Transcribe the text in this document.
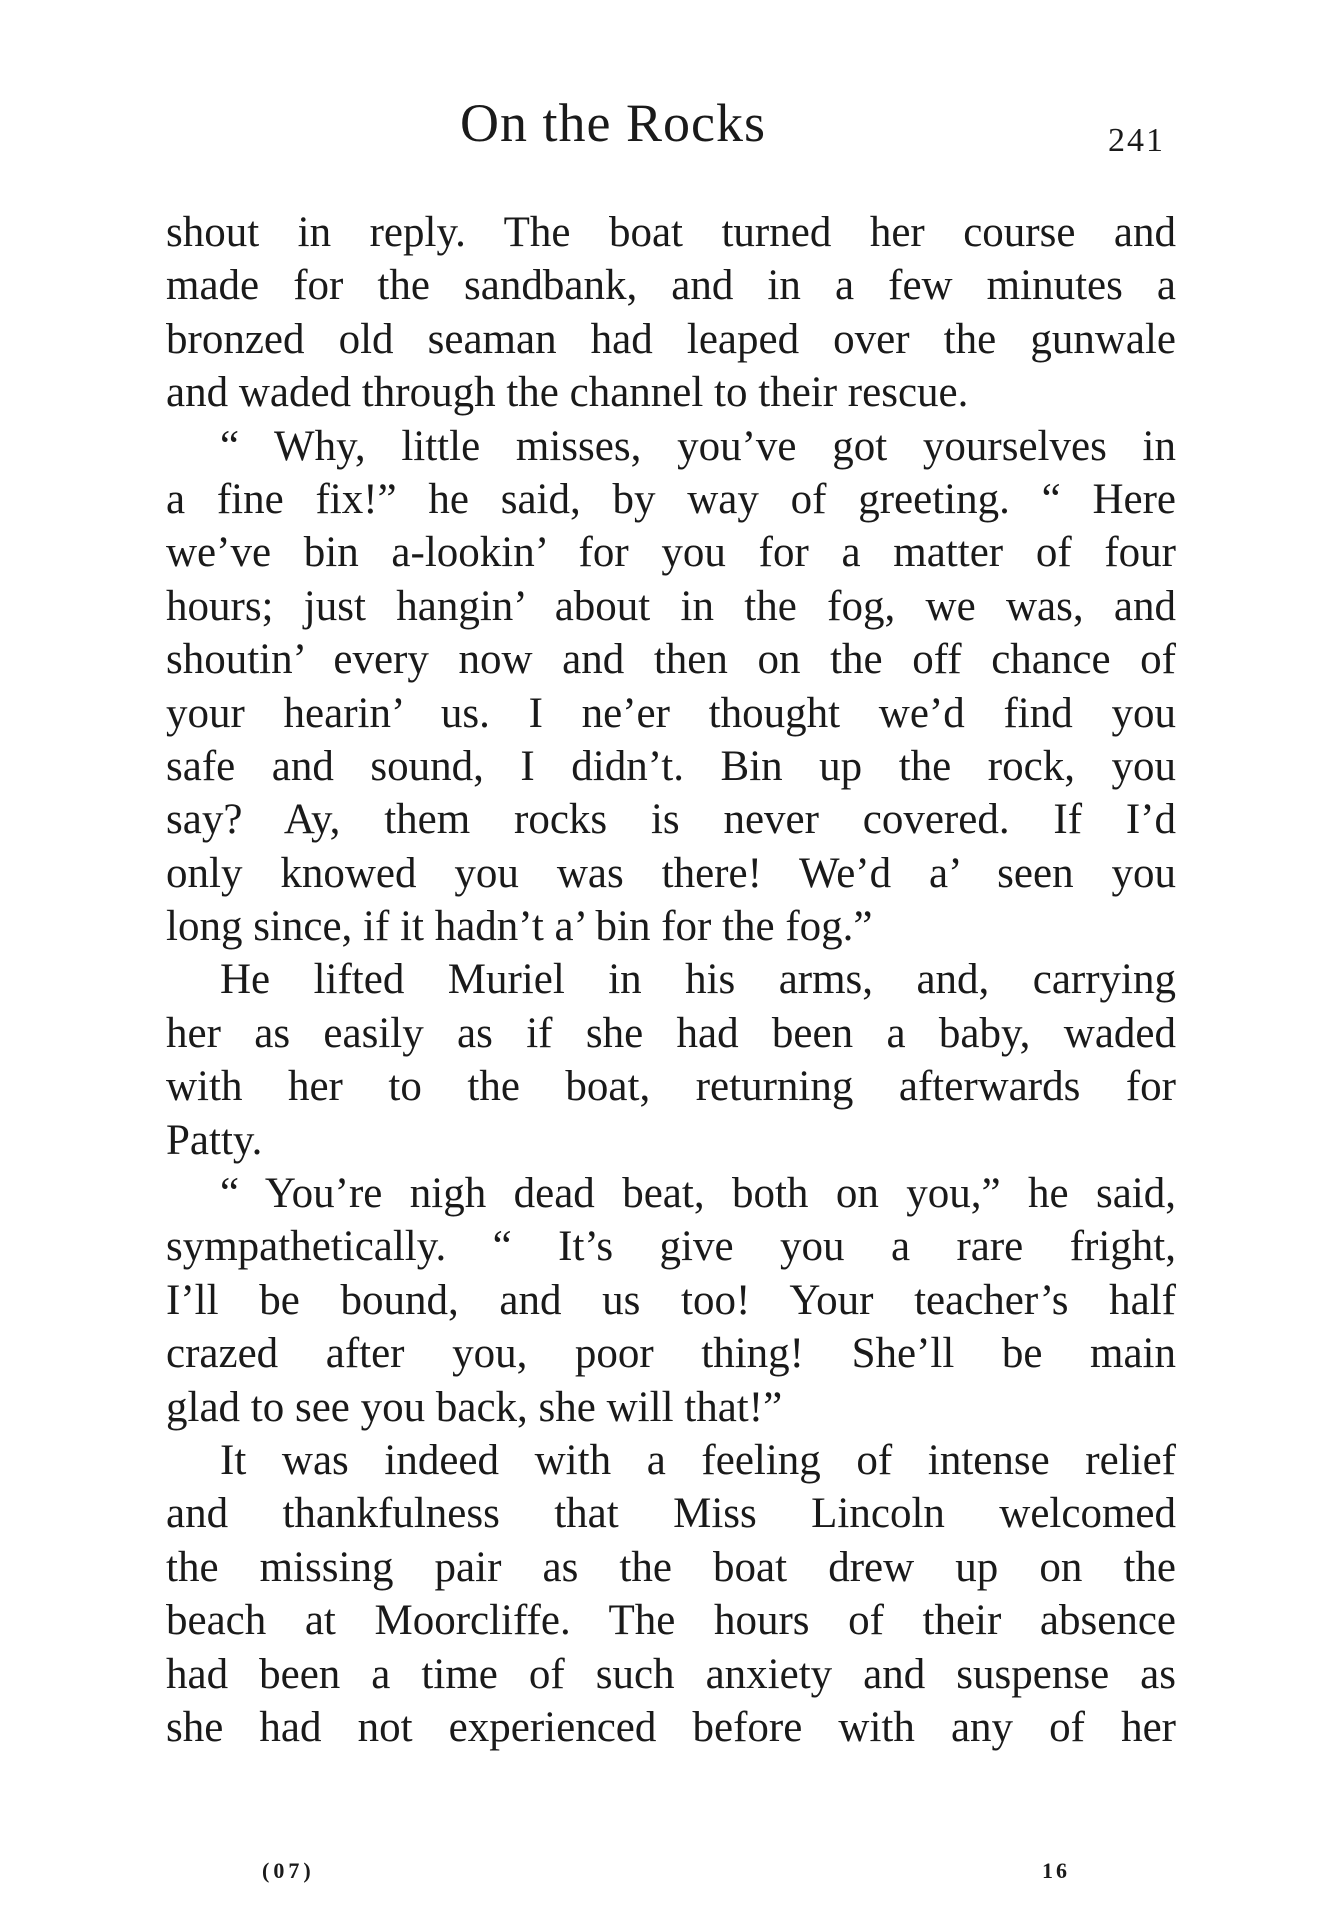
On the Rocks	241
shout in reply. The boat turned her course and
made for the sandbank, and in a few minutes a
bronzed old seaman had leaped over the gunwale
and waded through the channel to their rescue.
“ Why, little misses, you’ve got yourselves in
a fine fix!” he said, by way of greeting. “ Here
we’ve bin a-lookin’ for you for a matter of four
hours; just hangin’ about in the fog, we was, and
shoutin’ every now and then on the off chance of
your hearin’ us. I ne’er thought we’d find you
safe and sound, I didn’t. Bin up the rock, you
say? Ay, them rocks is never covered. If I’d
only knowed you was there! We’d a’ seen you
long since, if it hadn’t a’ bin for the fog.”
He lifted Muriel in his arms, and, carrying
her as easily as if she had been a baby, waded
with her to the boat, returning afterwards for
Patty.
“ You’re nigh dead beat, both on you,” he said,
sympathetically. “ It’s give you a rare fright,
I’ll be bound, and us too! Your teacher’s half
crazed after you, poor thing! She’ll be main
glad to see you back, she will that!”
It was indeed with a feeling of intense relief
and thankfulness that Miss Lincoln welcomed
the missing pair as the boat drew up on the
beach at Moorcliffe. The hours of their absence
had been a time of such anxiety and suspense as
she had not experienced before with any of her
(07)	16
